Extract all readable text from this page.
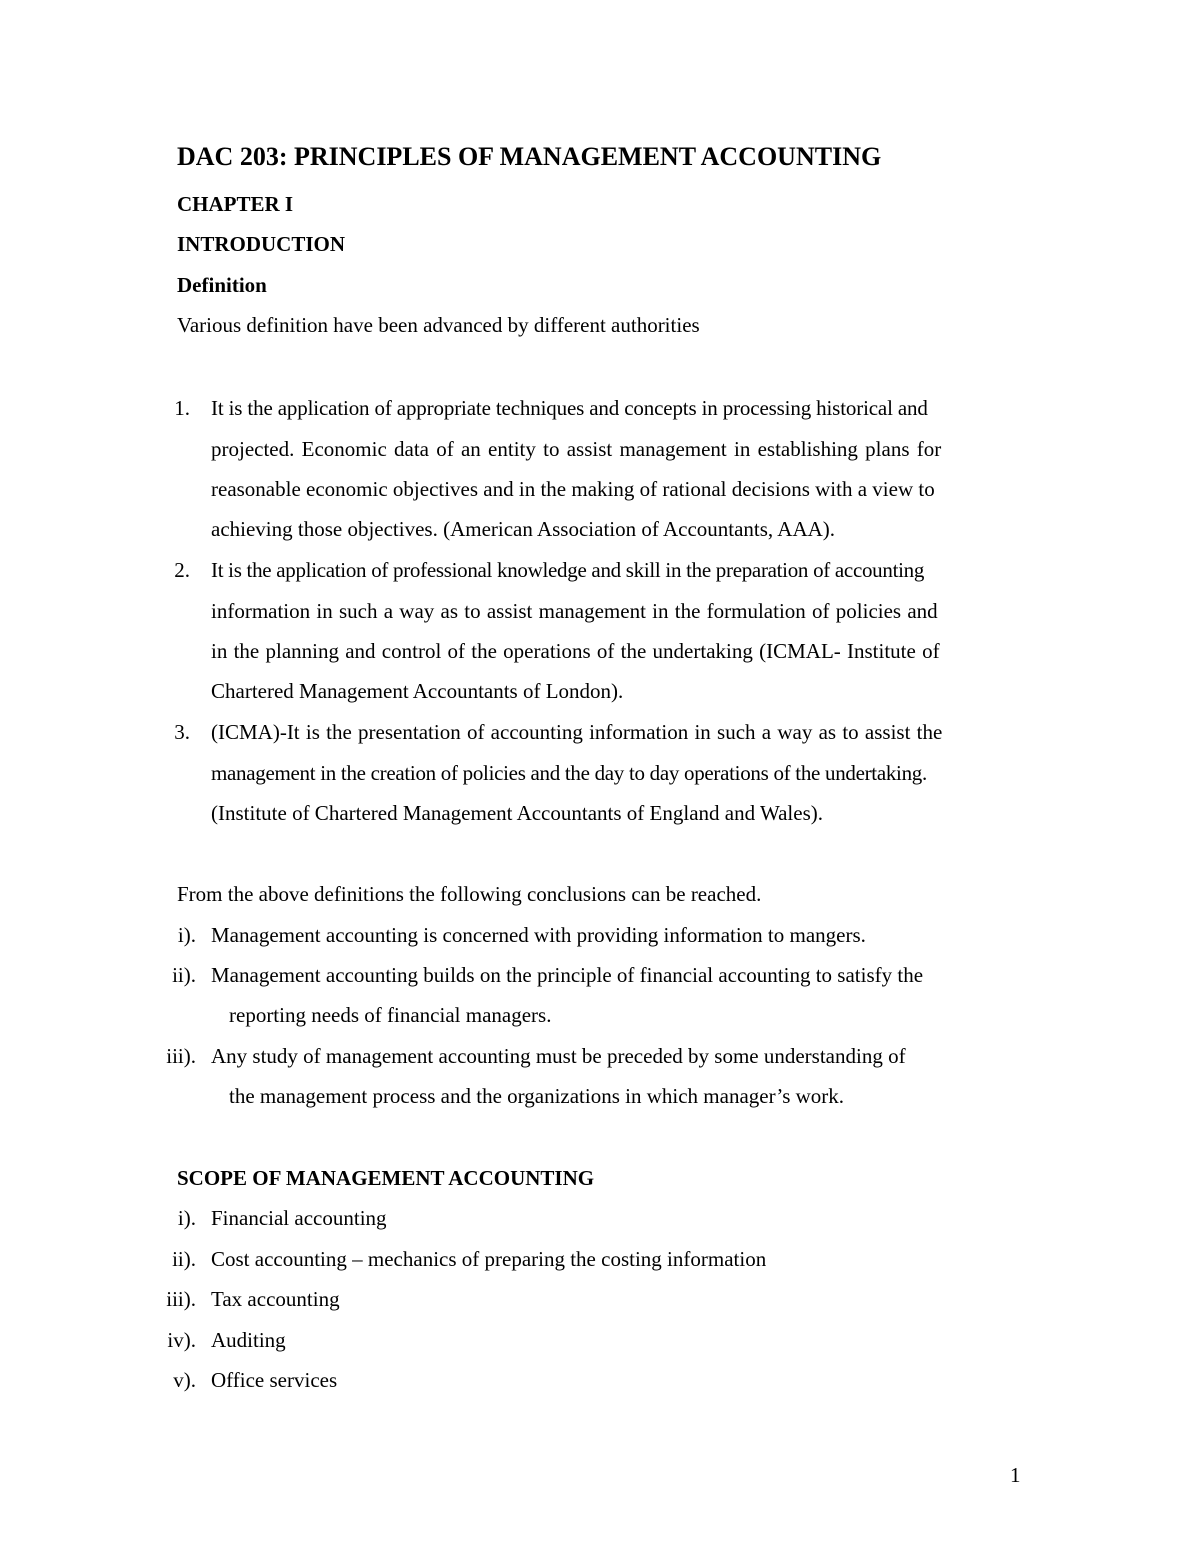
DAC 203: PRINCIPLES OF MANAGEMENT ACCOUNTING
CHAPTER I
INTRODUCTION
Definition
Various definition have been advanced by different authorities
1. It is the application of appropriate techniques and concepts in processing historical and
projected. Economic data of an entity to assist management in establishing plans for
reasonable economic objectives and in the making of rational decisions with a view to
achieving those objectives. (American Association of Accountants, AAA).
2. It is the application of professional knowledge and skill in the preparation of accounting
information in such a way as to assist management in the formulation of policies and
in the planning and control of the operations of the undertaking (ICMAL- Institute of
Chartered Management Accountants of London).
3. (ICMA)-It is the presentation of accounting information in such a way as to assist the
management in the creation of policies and the day to day operations of the undertaking.
(Institute of Chartered Management Accountants of England and Wales).
From the above definitions the following conclusions can be reached.
i). Management accounting is concerned with providing information to mangers.
ii). Management accounting builds on the principle of financial accounting to satisfy the
reporting needs of financial managers.
iii). Any study of management accounting must be preceded by some understanding of
the management process and the organizations in which manager’s work.
SCOPE OF MANAGEMENT ACCOUNTING
i). Financial accounting
ii). Cost accounting – mechanics of preparing the costing information
iii). Tax accounting
iv). Auditing
v). Office services
1
